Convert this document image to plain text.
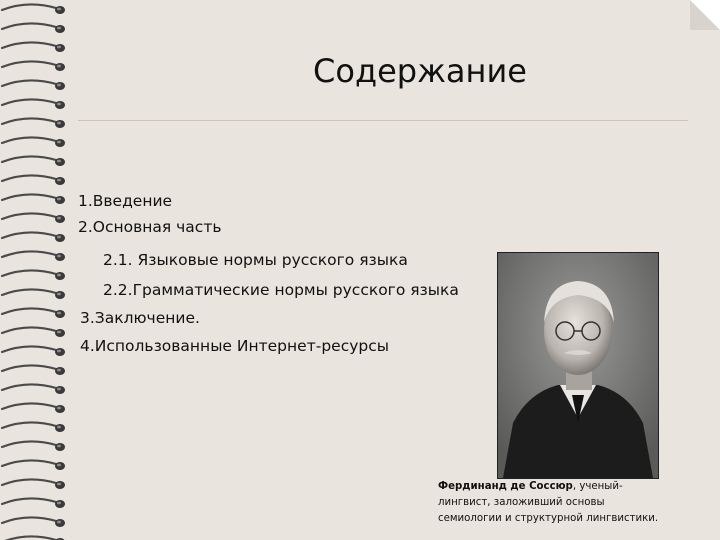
Содержание
1.Введение
2.Основная часть
2.1. Языковые нормы русского языка
2.2.Грамматические нормы русского языка
3.Заключение.
4.Использованные Интернет-ресурсы
Фердинанд де Соссюр, ученый-
лингвист, заложивший основы
семиологии и структурной лингвистики.
